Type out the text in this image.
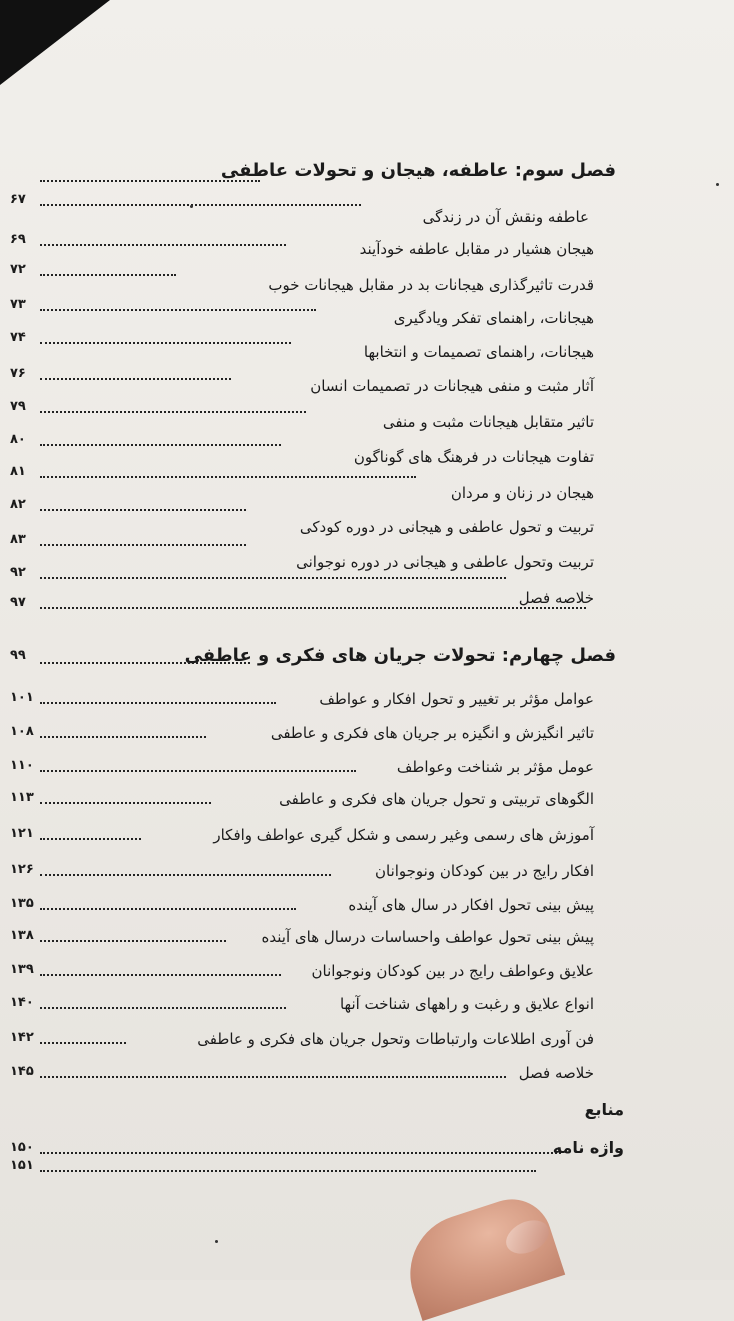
فصل سوم: عاطفه، هیجان و تحولات عاطفی
عاطفه ونقش آن در زندگی
۶۷
هیجان هشیار در مقابل عاطفه خودآیند
۶۹
قدرت تاثیرگذاری هیجانات بد در مقابل هیجانات خوب
۷۲
هیجانات، راهنمای تفکر ویادگیری
۷۳
هیجانات، راهنمای تصمیمات و انتخابها
۷۴
آثار مثبت و منفی هیجانات در تصمیمات انسان
۷۶
تاثیر متقابل هیجانات مثبت و منفی
۷۹
تفاوت هیجانات در فرهنگ های گوناگون
۸۰
هیجان در زنان و مردان
۸۱
تربیت و تحول عاطفی و هیجانی در دوره کودکی
۸۲
تربیت وتحول عاطفی و هیجانی در دوره نوجوانی
۸۳
خلاصه فصل
۹۲
۹۷
فصل چهارم: تحولات جریان های فکری و عاطفی
۹۹
عوامل مؤثر بر تغییر و تحول افکار و عواطف
۱۰۱
تاثیر انگیزش و انگیزه بر جریان های فکری و عاطفی
۱۰۸
عومل مؤثر بر شناخت وعواطف
۱۱۰
الگوهای تربیتی و تحول جریان های فکری و عاطفی
۱۱۳
آموزش های رسمی وغیر رسمی و شکل گیری عواطف وافکار
۱۲۱
افکار رایج در بین کودکان ونوجوانان
۱۲۶
پیش بینی تحول افکار در سال های آینده
۱۳۵
پیش بینی تحول عواطف واحساسات درسال های آینده
۱۳۸
علایق وعواطف رایج در بین کودکان ونوجوانان
۱۳۹
انواع علایق و رغبت و راههای شناخت آنها
۱۴۰
فن آوری اطلاعات وارتباطات وتحول جریان های فکری و عاطفی
۱۴۲
خلاصه فصل
۱۴۵
منابع
۱۵۰	واژه نامه
۱۵۱
